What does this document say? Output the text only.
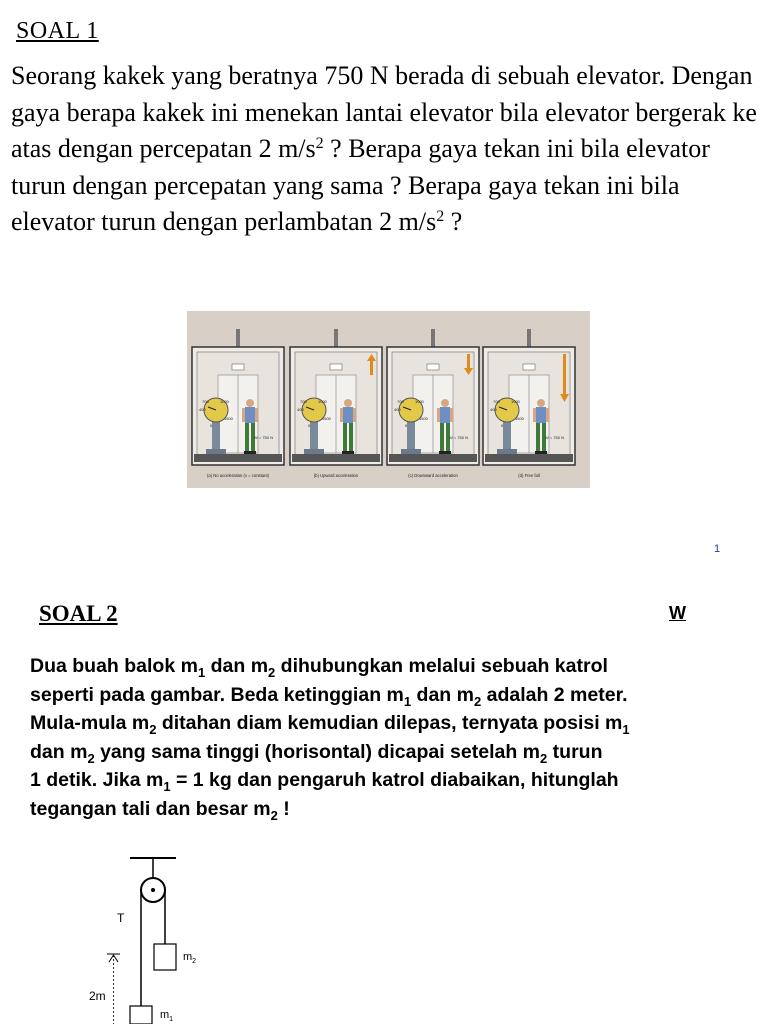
SOAL 1
Seorang kakek yang beratnya 750 N berada di sebuah elevator. Dengan gaya berapa kakek ini menekan lantai elevator bila elevator bergerak ke atas dengan percepatan 2 $m/s^2$ ? Berapa gaya tekan ini bila elevator turun dengan percepatan yang sama ? Berapa gaya tekan ini bila elevator turun dengan perlambatan 2 $m/s^2$ ?
700	1000
400
1500
0
W = 750 N
(a) No acceleration (v = constant)
700	1000
400
1500
0
(b) Upward acceleration
700	1000
400
1500
0
W = 750 N
(c) Downward acceleration
700	1000
400
1500
0
W = 750 N
(d) Free fall
1
SOAL 2	W
Dua buah balok $m_1$ dan $m_2$ dihubungkan melalui sebuah katrol
seperti pada gambar. Beda ketinggian $m_1$ dan $m_2$ adalah 2 meter.
Mula-mula $m_2$ ditahan diam kemudian dilepas, ternyata posisi $m_1$
dan $m_2$ yang sama tinggi (horisontal) dicapai setelah $m_2$ turun
1 detik. Jika $m_1 = 1$ kg dan pengaruh katrol diabaikan, hitunglah
tegangan tali dan besar $m_2$ !
T
$m_2$
$m_1$
2m
